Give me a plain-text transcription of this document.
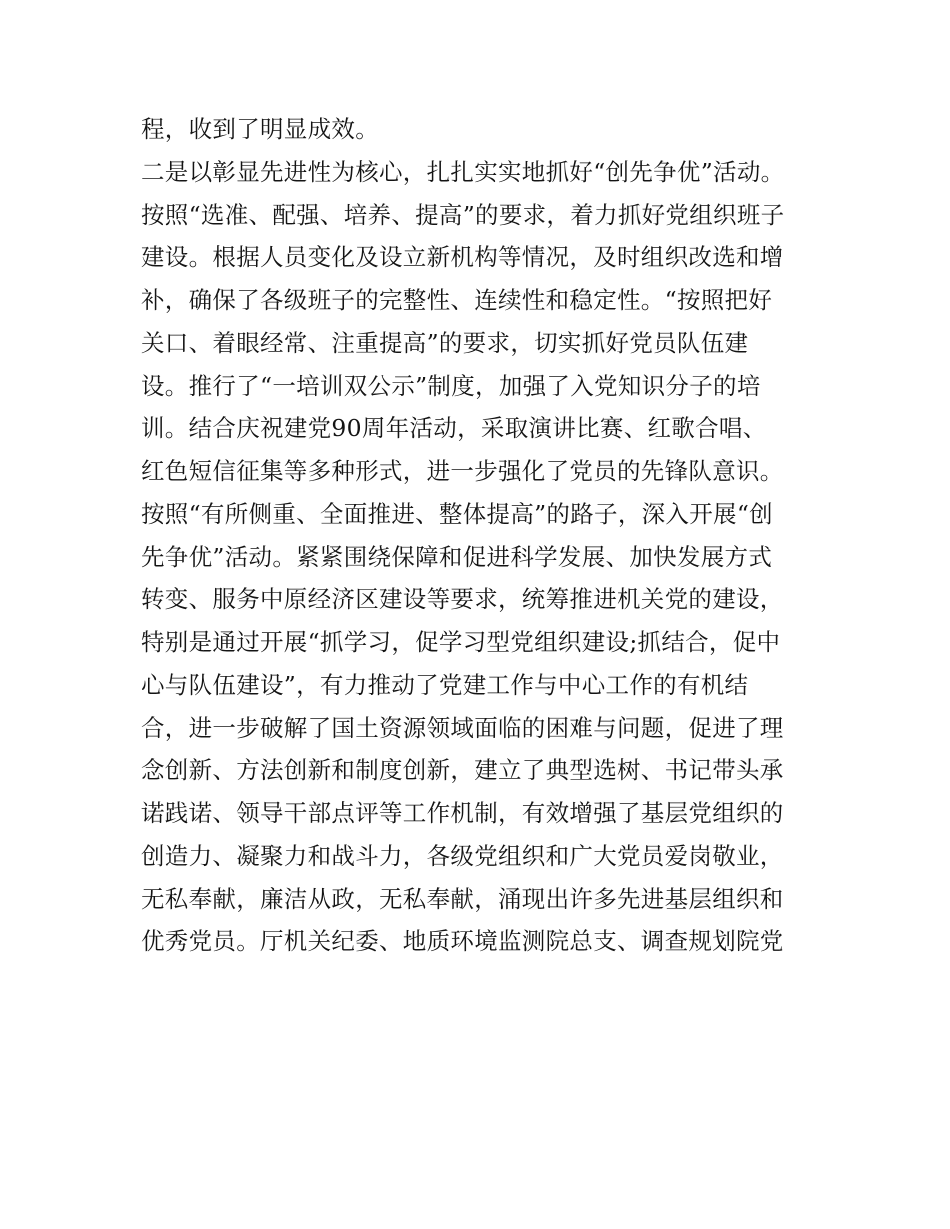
程，收到了明显成效。
二是以彰显先进性为核心，扎扎实实地抓好“创先争优”活动。
按照“选准、配强、培养、提高”的要求，着力抓好党组织班子
建设。根据人员变化及设立新机构等情况，及时组织改选和增
补，确保了各级班子的完整性、连续性和稳定性。“按照把好
关口、着眼经常、注重提高”的要求，切实抓好党员队伍建
设。推行了“一培训双公示”制度，加强了入党知识分子的培
训。结合庆祝建党90周年活动，采取演讲比赛、红歌合唱、
红色短信征集等多种形式，进一步强化了党员的先锋队意识。
按照“有所侧重、全面推进、整体提高”的路子，深入开展“创
先争优”活动。紧紧围绕保障和促进科学发展、加快发展方式
转变、服务中原经济区建设等要求，统筹推进机关党的建设，
特别是通过开展“抓学习，促学习型党组织建设;抓结合，促中
心与队伍建设”，有力推动了党建工作与中心工作的有机结
合，进一步破解了国土资源领域面临的困难与问题，促进了理
念创新、方法创新和制度创新，建立了典型选树、书记带头承
诺践诺、领导干部点评等工作机制，有效增强了基层党组织的
创造力、凝聚力和战斗力，各级党组织和广大党员爱岗敬业，
无私奉献，廉洁从政，无私奉献，涌现出许多先进基层组织和
优秀党员。厅机关纪委、地质环境监测院总支、调查规划院党
